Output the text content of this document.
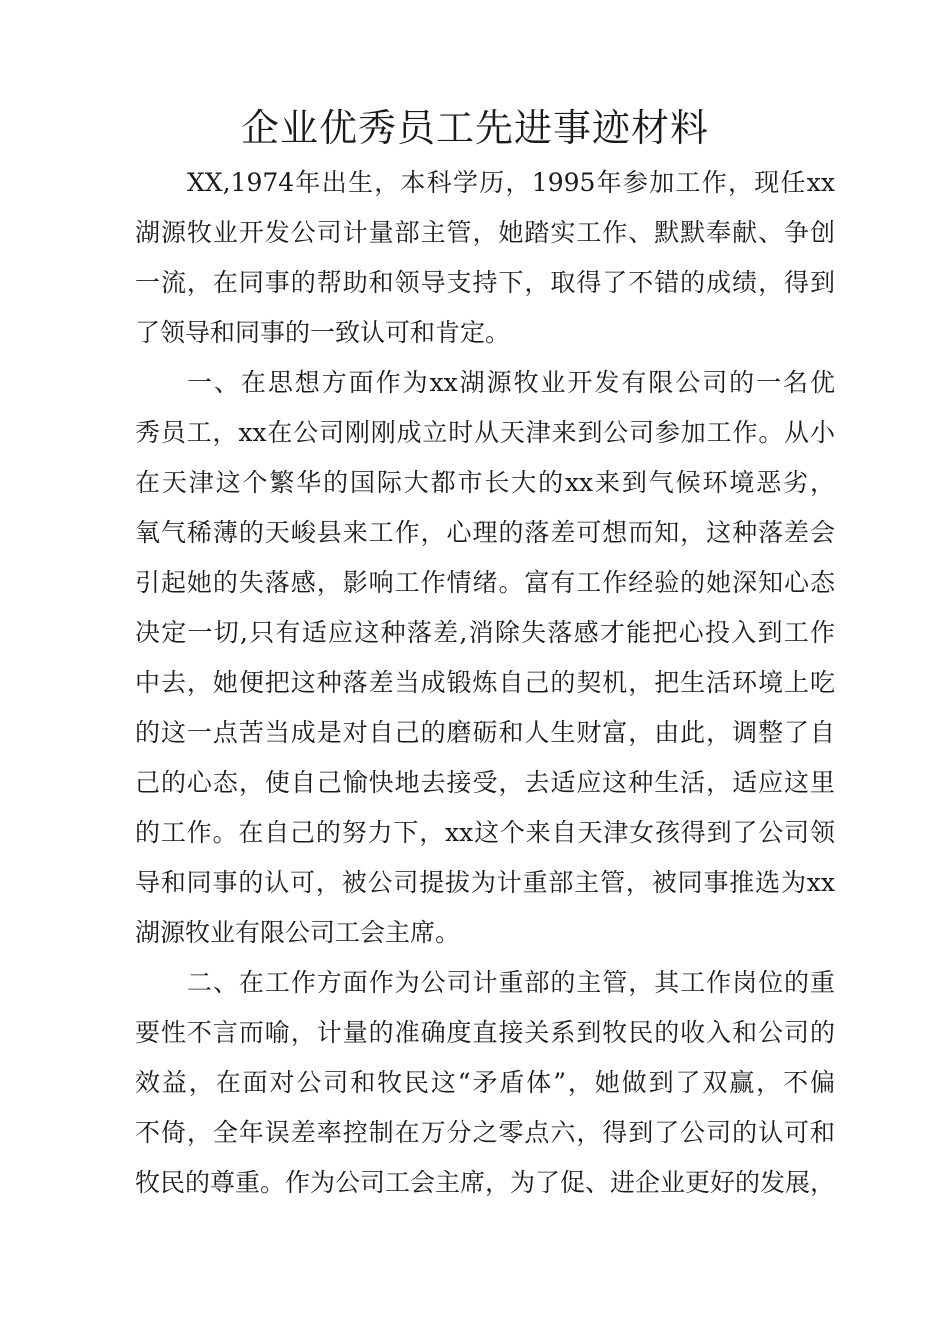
企业优秀员工先进事迹材料
XX,1974年出生，本科学历，1995年参加工作，现任xx
湖源牧业开发公司计量部主管，她踏实工作、默默奉献、争创
一流，在同事的帮助和领导支持下，取得了不错的成绩，得到
了领导和同事的一致认可和肯定。
一、在思想方面作为xx湖源牧业开发有限公司的一名优
秀员工，xx在公司刚刚成立时从天津来到公司参加工作。从小
在天津这个繁华的国际大都市长大的xx来到气候环境恶劣，
氧气稀薄的天峻县来工作，心理的落差可想而知，这种落差会
引起她的失落感，影响工作情绪。富有工作经验的她深知心态
决定一切,只有适应这种落差,消除失落感才能把心投入到工作
中去，她便把这种落差当成锻炼自己的契机，把生活环境上吃
的这一点苦当成是对自己的磨砺和人生财富，由此，调整了自
己的心态，使自己愉快地去接受，去适应这种生活，适应这里
的工作。在自己的努力下，xx这个来自天津女孩得到了公司领
导和同事的认可，被公司提拔为计重部主管，被同事推选为xx
湖源牧业有限公司工会主席。
二、在工作方面作为公司计重部的主管，其工作岗位的重
要性不言而喻，计量的准确度直接关系到牧民的收入和公司的
效益，在面对公司和牧民这“矛盾体”，她做到了双赢，不偏
不倚，全年误差率控制在万分之零点六，得到了公司的认可和
牧民的尊重。作为公司工会主席，为了促、进企业更好的发展，
